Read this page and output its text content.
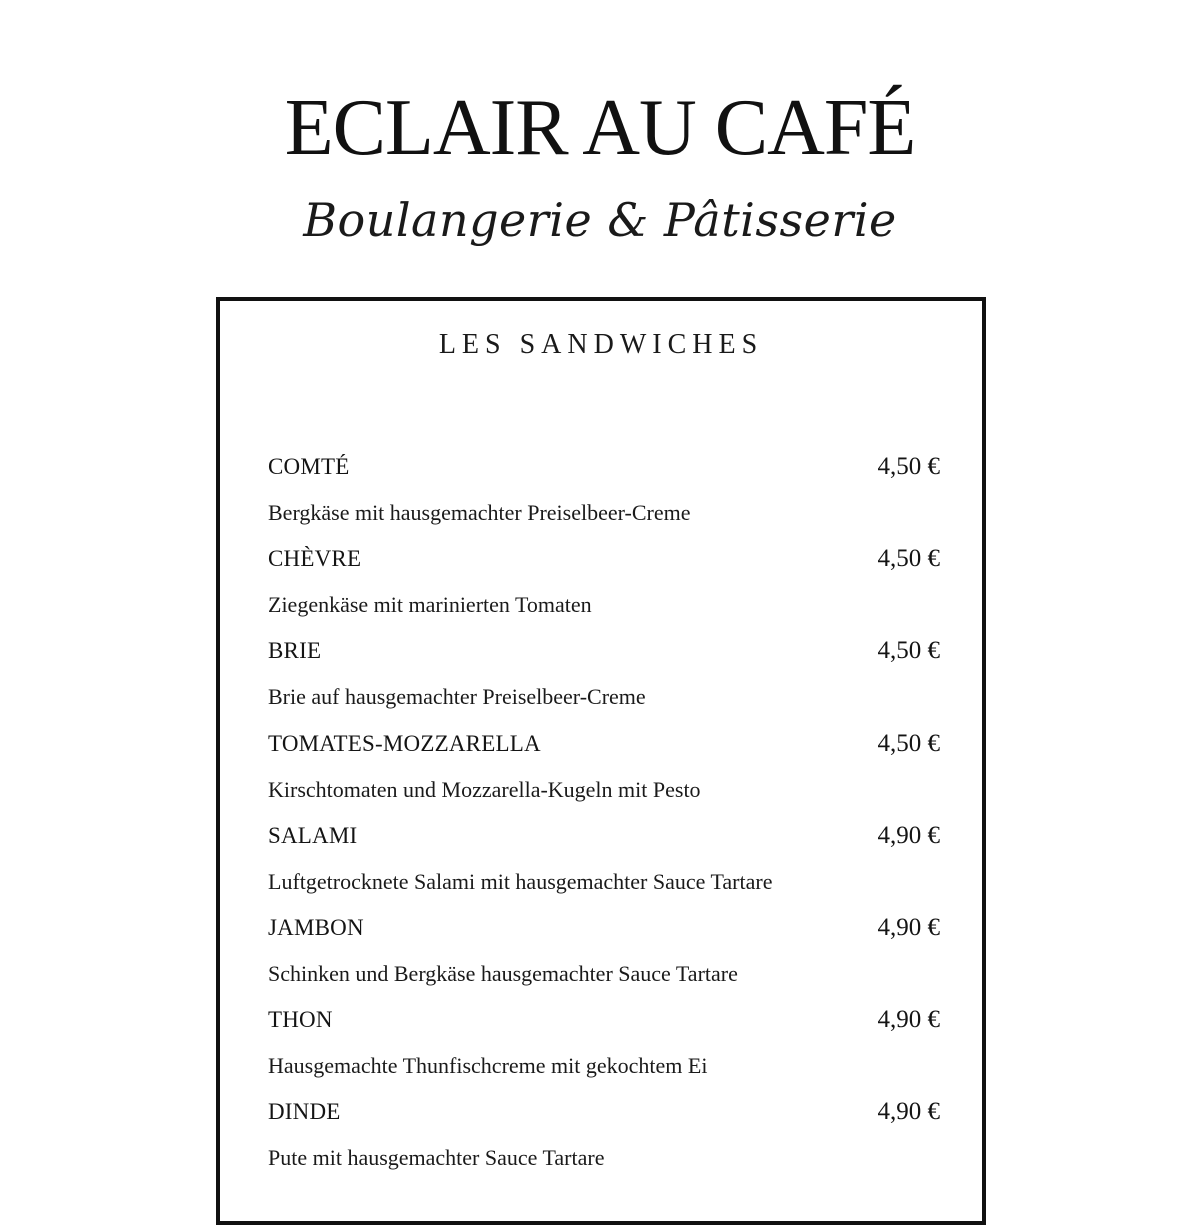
ECLAIR AU CAFÉ
Boulangerie & Pâtisserie
LES SANDWICHES
COMTÉ	4,50 €
Bergkäse mit hausgemachter Preiselbeer-Creme
CHÈVRE	4,50 €
Ziegenkäse mit marinierten Tomaten
BRIE	4,50 €
Brie auf hausgemachter Preiselbeer-Creme
TOMATES-MOZZARELLA	4,50 €
Kirschtomaten und Mozzarella-Kugeln mit Pesto
SALAMI	4,90 €
Luftgetrocknete Salami mit hausgemachter Sauce Tartare
JAMBON	4,90 €
Schinken und Bergkäse hausgemachter Sauce Tartare
THON	4,90 €
Hausgemachte Thunfischcreme mit gekochtem Ei
DINDE	4,90 €
Pute mit hausgemachter Sauce Tartare
